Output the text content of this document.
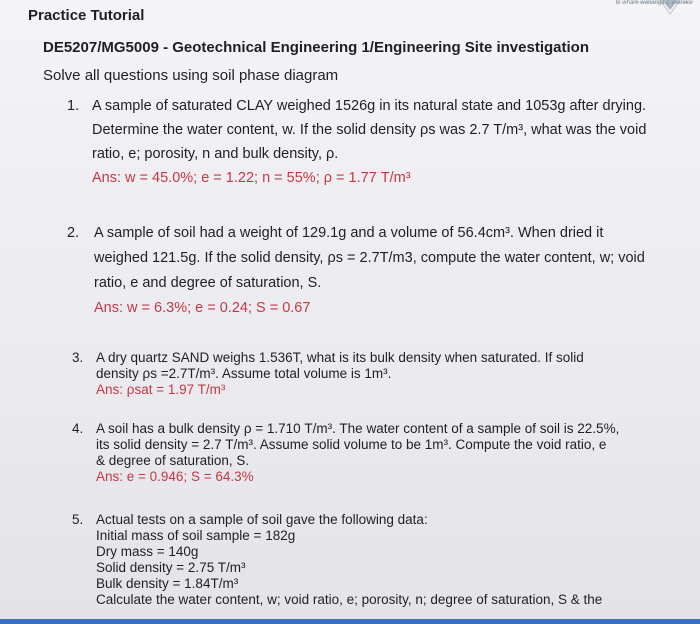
te whare wananga o wairaka
Practice Tutorial
DE5207/MG5009 - Geotechnical Engineering 1/Engineering Site investigation
Solve all questions using soil phase diagram
1. A sample of saturated CLAY weighed 1526g in its natural state and 1053g after drying.
Determine the water content, w. If the solid density ρs was 2.7 T/m³, what was the void
ratio, e; porosity, n and bulk density, ρ.
Ans: w = 45.0%; e = 1.22; n = 55%; ρ = 1.77 T/m³
2. A sample of soil had a weight of 129.1g and a volume of 56.4cm³. When dried it
weighed 121.5g. If the solid density, ρs = 2.7T/m3, compute the water content, w; void
ratio, e and degree of saturation, S.
Ans: w = 6.3%; e = 0.24; S = 0.67
3. A dry quartz SAND weighs 1.536T, what is its bulk density when saturated. If solid
density ρs =2.7T/m³. Assume total volume is 1m³.
Ans: ρsat = 1.97 T/m³
4. A soil has a bulk density ρ = 1.710 T/m³. The water content of a sample of soil is 22.5%,
its solid density = 2.7 T/m³. Assume solid volume to be 1m³. Compute the void ratio, e
& degree of saturation, S.
Ans: e = 0.946; S = 64.3%
5. Actual tests on a sample of soil gave the following data:
Initial mass of soil sample = 182g
Dry mass = 140g
Solid density = 2.75 T/m³
Bulk density = 1.84T/m³
Calculate the water content, w; void ratio, e; porosity, n; degree of saturation, S & the
